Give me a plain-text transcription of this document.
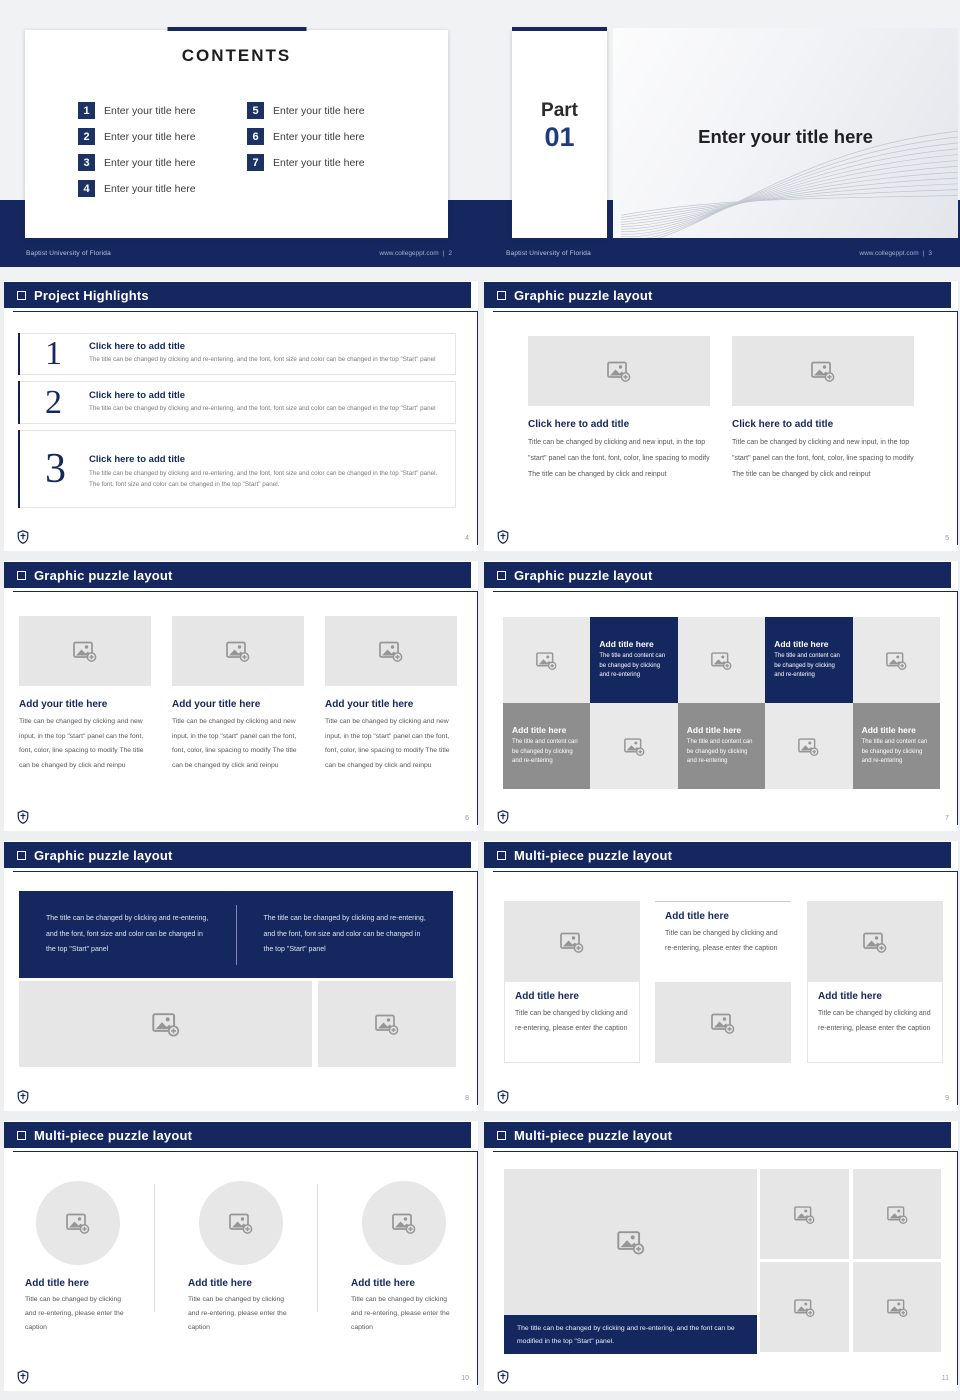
Baptist University of Florida	www.collegeppt.com | 2
CONTENTS
1	Enter your title here
2	Enter your title here
3	Enter your title here
4	Enter your title here
5	Enter your title here
6	Enter your title here
7	Enter your title here
Enter your title here
Part
01
Baptist University of Florida	www.collegeppt.com | 3
Project Highlights
1	Click here to add title
The title can be changed by clicking and re-entering, and the font, font size and color can be changed in the top "Start" panel
2	Click here to add title
The title can be changed by clicking and re-entering, and the font, font size and color can be changed in the top "Start" panel
3 Click here to add title
The title can be changed by clicking and re-entering, and the font, font size and color can be changed in the top "Start" panel. The font, font size and color can be changed in the top "Start" panel.
4
Graphic puzzle layout
Click here to add title
Title can be changed by clicking and new input, in the top "start" panel can the font, font, color, line spacing to modify The title can be changed by click and reinput
Click here to add title
Title can be changed by clicking and new input, in the top "start" panel can the font, font, color, line spacing to modify The title can be changed by click and reinput
5
Graphic puzzle layout
Add your title here
Title can be changed by clicking and new input, in the top "start" panel can the font, font, color, line spacing to modify The title can be changed by click and reinpu
Add your title here
Title can be changed by clicking and new input, in the top "start" panel can the font, font, color, line spacing to modify The title can be changed by click and reinpu
Add your title here
Title can be changed by clicking and new input, in the top "start" panel can the font, font, color, line spacing to modify The title can be changed by click and reinpu
6
Graphic puzzle layout
Add title here
The title and content can be changed by clicking and re-entering
Add title here
The title and content can be changed by clicking and re-entering
Add title here
The title and content can be changed by clicking and re-entering
Add title here
The title and content can be changed by clicking and re-entering
Add title here
The title and content can be changed by clicking and re-entering
7
Graphic puzzle layout
The title can be changed by clicking and re-entering, and the font, font size and color can be changed in the top "Start" panel
The title can be changed by clicking and re-entering, and the font, font size and color can be changed in the top "Start" panel
8
Multi-piece puzzle layout
Add title here
Title can be changed by clicking and re-entering, please enter the caption
Add title here
Title can be changed by clicking and re-entering, please enter the caption
Add title here
Title can be changed by clicking and re-entering, please enter the caption
9
Multi-piece puzzle layout
Add title here
Title can be changed by clicking and re-entering, please enter the caption
Add title here
Title can be changed by clicking and re-entering, please enter the caption
Add title here
Title can be changed by clicking and re-entering, please enter the caption
10
Multi-piece puzzle layout
The title can be changed by clicking and re-entering, and the font can be modified in the top "Start" panel.
11
